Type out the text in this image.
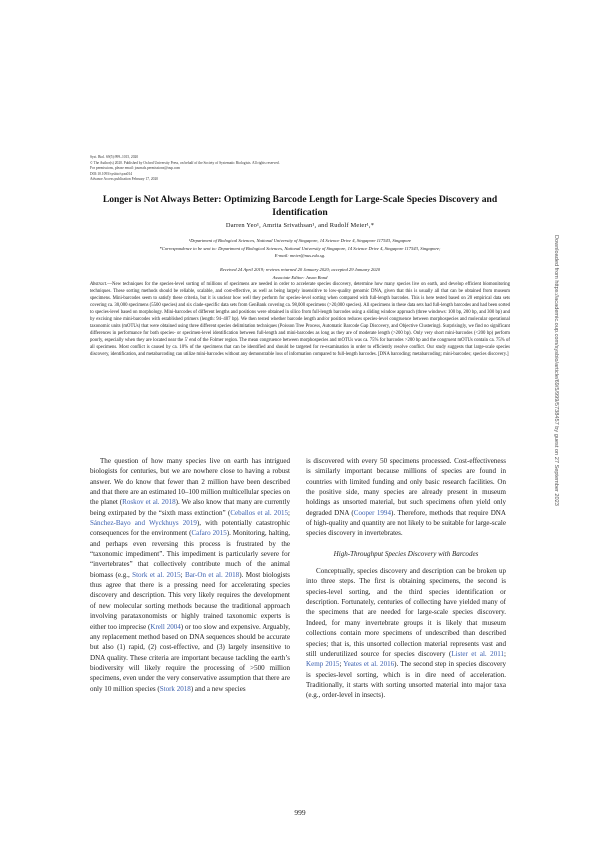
Syst. Biol. 69(5):999–1015, 2020
© The Author(s) 2020. Published by Oxford University Press, on behalf of the Society of Systematic Biologists. All rights reserved.
For permissions, please email: journals.permissions@oup.com
DOI:10.1093/sysbio/syaa014
Advance Access publication February 17, 2020
Longer is Not Always Better: Optimizing Barcode Length for Large-Scale Species Discovery and Identification
Darren Yeo¹, Amrita Srivathsan¹, and Rudolf Meier¹,*
¹Department of Biological Sciences, National University of Singapore, 14 Science Drive 4, Singapore 117543, Singapore
*Correspondence to be sent to: Department of Biological Sciences, National University of Singapore, 14 Science Drive 4, Singapore 117543, Singapore;
E-mail: meier@nus.edu.sg.
Received 24 April 2019; reviews returned 20 January 2020; accepted 29 January 2020
Associate Editor: Jason Bond
Abstract.—New techniques for the species-level sorting of millions of specimens are needed in order to accelerate species discovery, determine how many species live on earth, and develop efficient biomonitoring techniques. These sorting methods should be reliable, scalable, and cost-effective, as well as being largely insensitive to low-quality genomic DNA, given that this is usually all that can be obtained from museum specimens. Mini-barcodes seem to satisfy these criteria, but it is unclear how well they perform for species-level sorting when compared with full-length barcodes. This is here tested based on 20 empirical data sets covering ca. 30,000 specimens (5500 species) and six clade-specific data sets from GenBank covering ca. 98,000 specimens (>20,000 species). All specimens in these data sets had full-length barcodes and had been sorted to species-level based on morphology. Mini-barcodes of different lengths and positions were obtained in silico from full-length barcodes using a sliding window approach (three windows: 100 bp, 200 bp, and 300 bp) and by excising nine mini-barcodes with established primers (length: 94–407 bp). We then tested whether barcode length and/or position reduces species-level congruence between morphospecies and molecular operational taxonomic units (mOTUs) that were obtained using three different species delimitation techniques (Poisson Tree Process, Automatic Barcode Gap Discovery, and Objective Clustering). Surprisingly, we find no significant differences in performance for both species- or specimen-level identification between full-length and mini-barcodes as long as they are of moderate length (>200 bp). Only very short mini-barcodes (<200 bp) perform poorly, especially when they are located near the 5′ end of the Folmer region. The mean congruence between morphospecies and mOTUs was ca. 75% for barcodes >200 bp and the congruent mOTUs contain ca. 75% of all specimens. Most conflict is caused by ca. 10% of the specimens that can be identified and should be targeted for re-examination in order to efficiently resolve conflict. Our study suggests that large-scale species discovery, identification, and metabarcoding can utilize mini-barcodes without any demonstrable loss of information compared to full-length barcodes. [DNA barcoding; metabarcoding; mini-barcodes; species discovery.]

The question of how many species live on earth has intrigued biologists for centuries, but we are nowhere close to having a robust answer. We do know that fewer than 2 million have been described and that there are an estimated 10–100 million multicellular species on the planet (Roskov et al. 2018). We also know that many are currently being extirpated by the “sixth mass extinction” (Ceballos et al. 2015; Sánchez-Bayo and Wyckhuys 2019), with potentially catastrophic consequences for the environment (Cafaro 2015). Monitoring, halting, and perhaps even reversing this process is frustrated by the “taxonomic impediment”. This impediment is particularly severe for “invertebrates” that collectively contribute much of the animal biomass (e.g., Stork et al. 2015; Bar-On et al. 2018). Most biologists thus agree that there is a pressing need for accelerating species discovery and description. This very likely requires the development of new molecular sorting methods because the traditional approach involving parataxonomists or highly trained taxonomic experts is either too imprecise (Krell 2004) or too slow and expensive. Arguably, any replacement method based on DNA sequences should be accurate but also (1) rapid, (2) cost-effective, and (3) largely insensitive to DNA quality. These criteria are important because tackling the earth’s biodiversity will likely require the processing of >500 million specimens, even under the very conservative assumption that there are only 10 million species (Stork 2018) and a new species

is discovered with every 50 specimens processed. Cost-effectiveness is similarly important because millions of species are found in countries with limited funding and only basic research facilities. On the positive side, many species are already present in museum holdings as unsorted material, but such specimens often yield only degraded DNA (Cooper 1994). Therefore, methods that require DNA of high-quality and quantity are not likely to be suitable for large-scale species discovery in invertebrates.

High-Throughput Species Discovery with Barcodes

Conceptually, species discovery and description can be broken up into three steps. The first is obtaining specimens, the second is species-level sorting, and the third species identification or description. Fortunately, centuries of collecting have yielded many of the specimens that are needed for large-scale species discovery. Indeed, for many invertebrate groups it is likely that museum collections contain more specimens of undescribed than described species; that is, this unsorted collection material represents vast and still underutilized source for species discovery (Lister et al. 2011; Kemp 2015; Yeates et al. 2016). The second step in species discovery is species-level sorting, which is in dire need of acceleration. Traditionally, it starts with sorting unsorted material into major taxa (e.g., order-level in insects).

999
Downloaded from https://academic.oup.com/sysbio/article/69/5/999/5738457 by guest on 27 September 2023
